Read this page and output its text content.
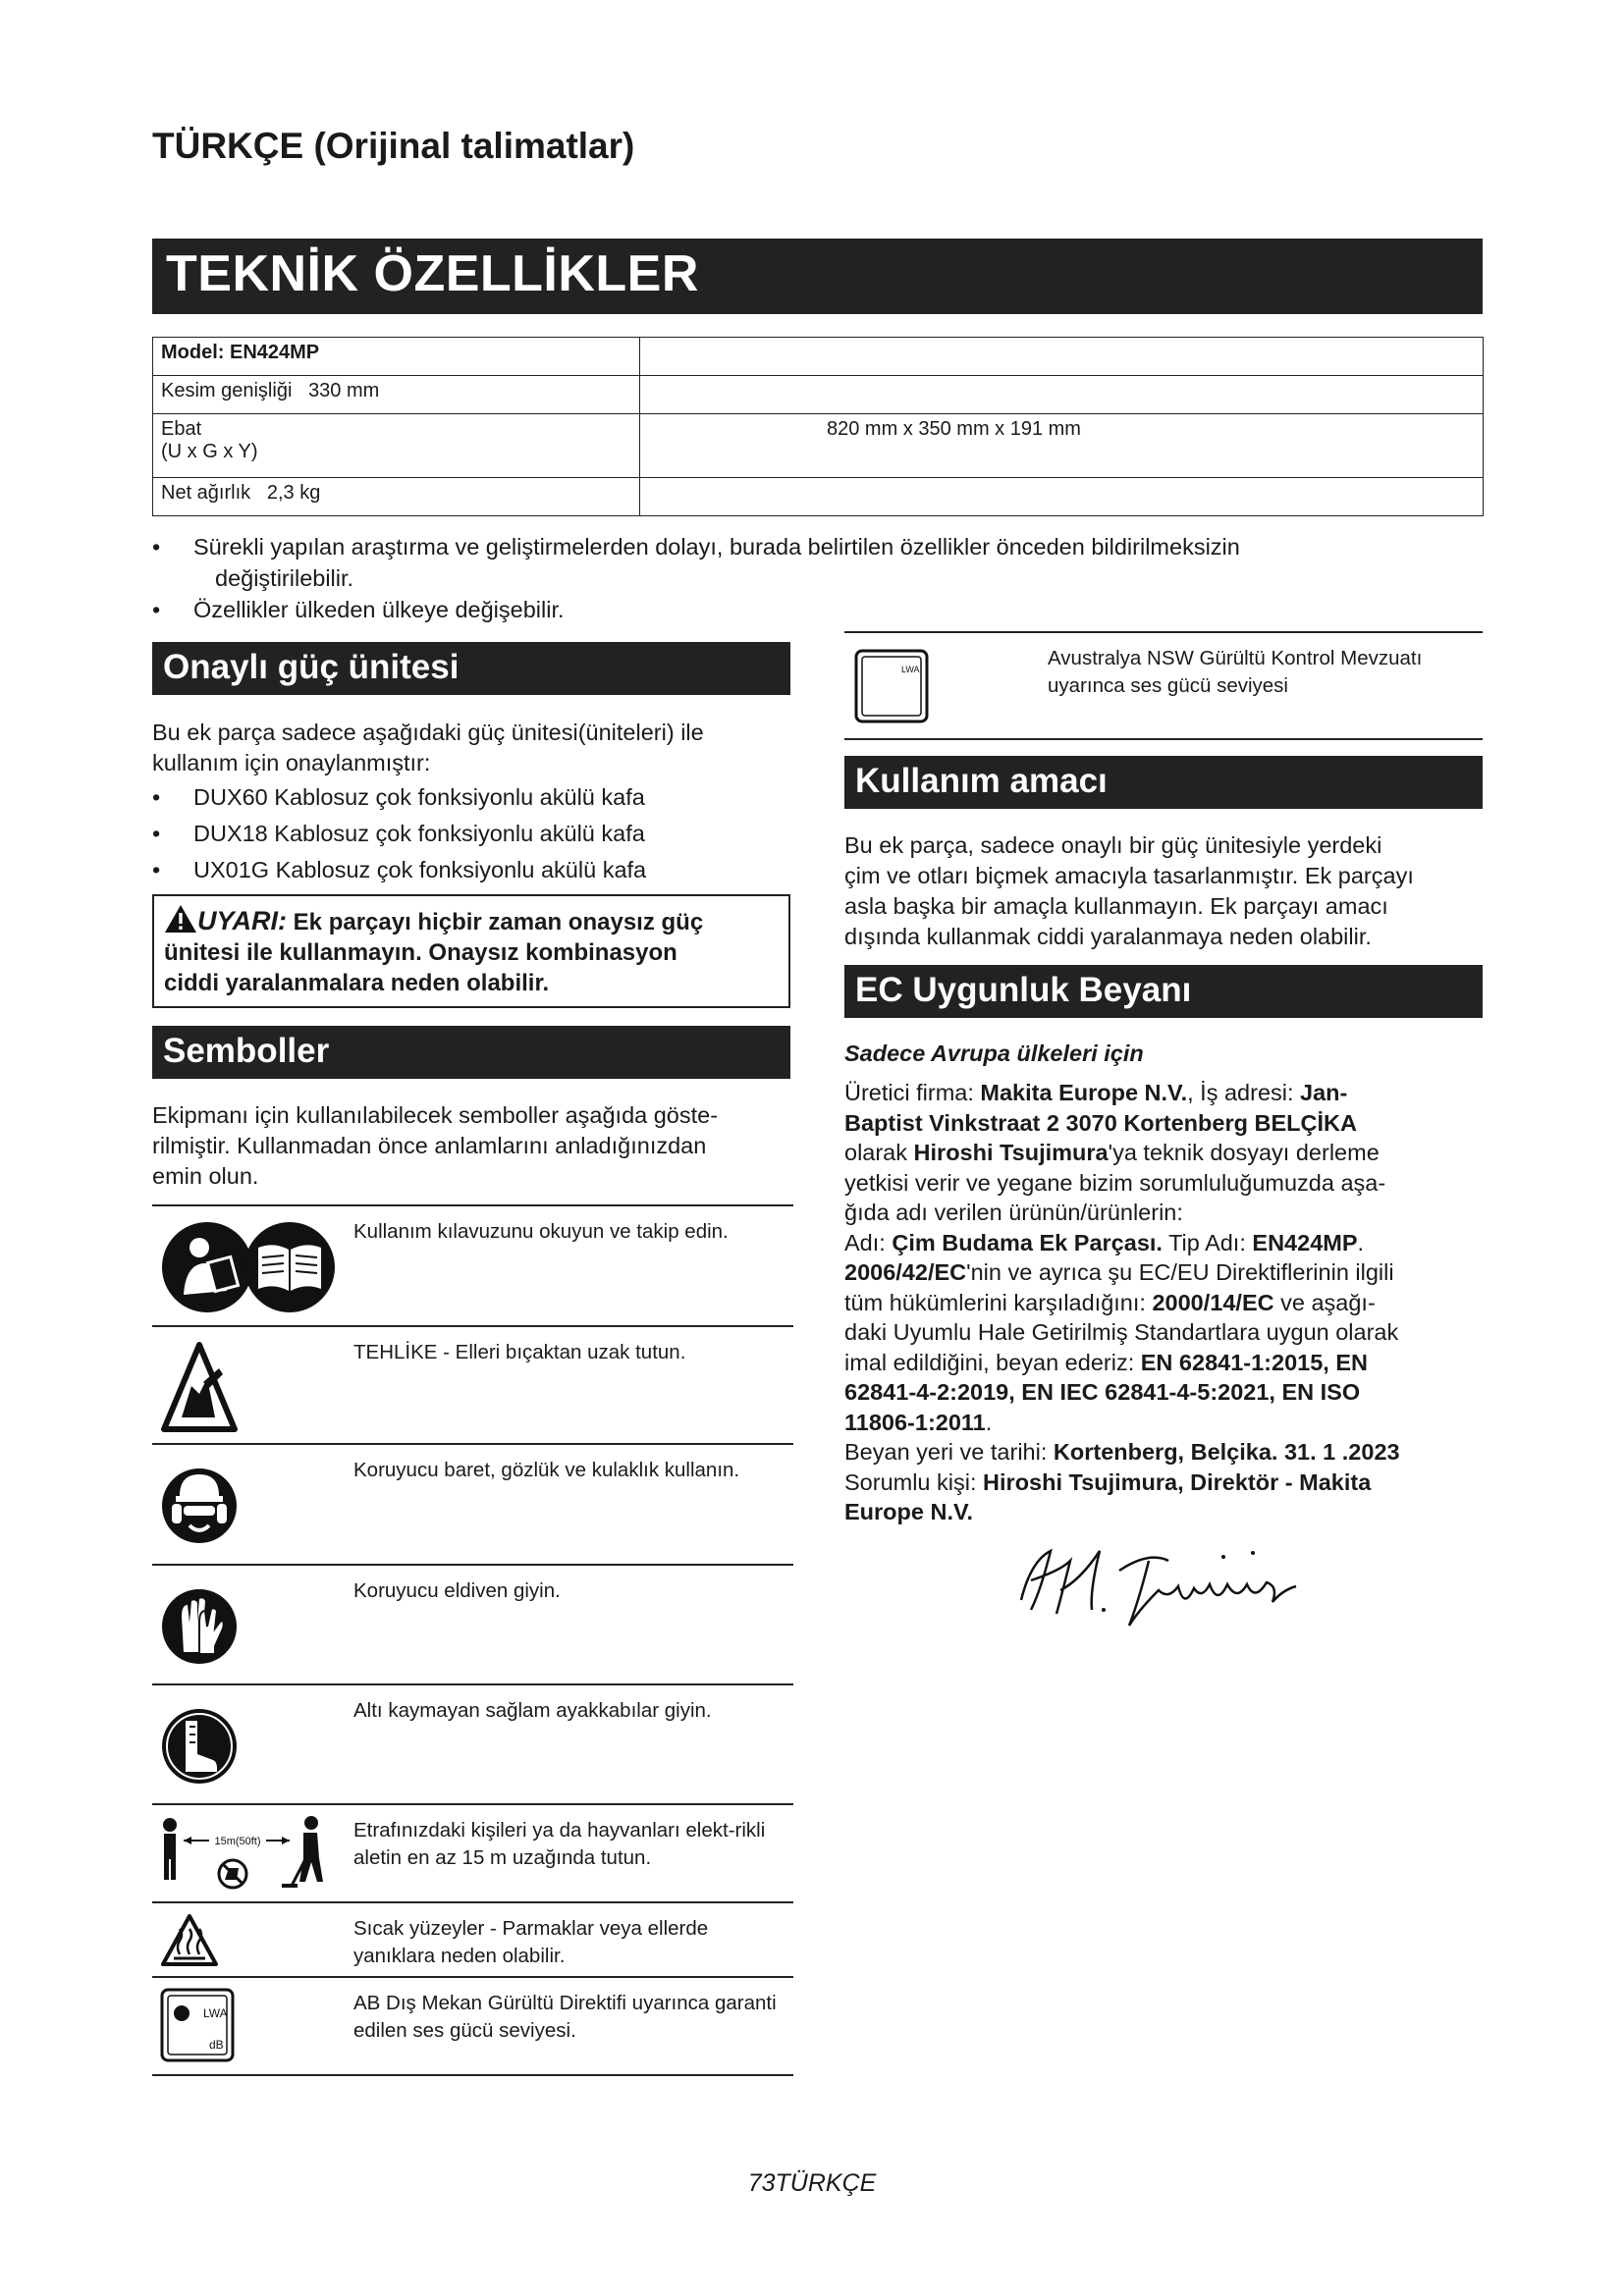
TÜRKÇE (Orijinal talimatlar)
TEKNİK ÖZELLİKLER
Model: EN424MP	
Kesim genişliği 330 mm	

Ebat
(U x G x Y)	820 mm x 350 mm x 191 mm
Net ağırlık 2,3 kg	
• Sürekli yapılan araştırma ve geliştirmelerden dolayı, burada belirtilen özellikler önceden bildirilmeksizin
değiştirilebilir.
• Özellikler ülkeden ülkeye değişebilir.
Onaylı güç ünitesi
Bu ek parça sadece aşağıdaki güç ünitesi(üniteleri) ile
kullanım için onaylanmıştır:
• DUX60 Kablosuz çok fonksiyonlu akülü kafa
• DUX18 Kablosuz çok fonksiyonlu akülü kafa
• UX01G Kablosuz çok fonksiyonlu akülü kafa
UYARI: Ek parçayı hiçbir zaman onaysız güç
ünitesi ile kullanmayın. Onaysız kombinasyon
ciddi yaralanmalara neden olabilir.
Semboller
Ekipmanı için kullanılabilecek semboller aşağıda göste-
rilmiştir. Kullanmadan önce anlamlarını anladığınızdan
emin olun.
Kullanım kılavuzunu okuyun ve takip edin.
TEHLİKE - Elleri bıçaktan uzak tutun.
Koruyucu baret, gözlük ve kulaklık kullanın.
Koruyucu eldiven giyin.
Altı kaymayan sağlam ayakkabılar giyin.
15m(50ft)	Etrafınızdaki kişileri ya da hayvanları elekt-rikli aletin en az 15 m uzağında tutun.
Sıcak yüzeyler - Parmaklar veya ellerde yanıklara neden olabilir.
LWA
dB
AB Dış Mekan Gürültü Direktifi uyarınca garanti edilen ses gücü seviyesi.
LWA	Avustralya NSW Gürültü Kontrol Mevzuatı
uyarınca ses gücü seviyesi
Kullanım amacı
Bu ek parça, sadece onaylı bir güç ünitesiyle yerdeki
çim ve otları biçmek amacıyla tasarlanmıştır. Ek parçayı
asla başka bir amaçla kullanmayın. Ek parçayı amacı
dışında kullanmak ciddi yaralanmaya neden olabilir.
EC Uygunluk Beyanı
Sadece Avrupa ülkeleri için
Üretici firma: Makita Europe N.V., İş adresi: Jan-
Baptist Vinkstraat 2 3070 Kortenberg BELÇİKA
olarak Hiroshi Tsujimura'ya teknik dosyayı derleme
yetkisi verir ve yegane bizim sorumluluğumuzda aşa-
ğıda adı verilen ürünün/ürünlerin:
Adı: Çim Budama Ek Parçası. Tip Adı: EN424MP.
2006/42/EC'nin ve ayrıca şu EC/EU Direktiflerinin ilgili
tüm hükümlerini karşıladığını: 2000/14/EC ve aşağı-
daki Uyumlu Hale Getirilmiş Standartlara uygun olarak
imal edildiğini, beyan ederiz: EN 62841-1:2015, EN
62841-4-2:2019, EN IEC 62841-4-5:2021, EN ISO
11806-1:2011.
Beyan yeri ve tarihi: Kortenberg, Belçika. 31. 1 .2023
Sorumlu kişi: Hiroshi Tsujimura, Direktör - Makita
Europe N.V.
73TÜRKÇE
